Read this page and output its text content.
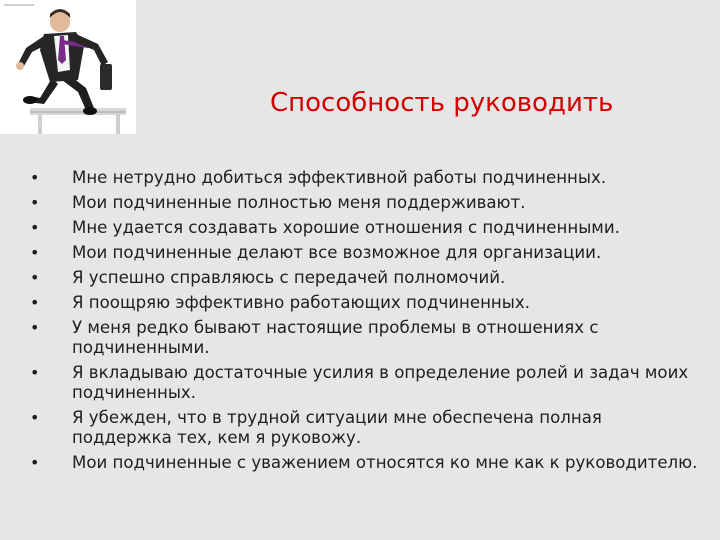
Способность руководить
• Мне нетрудно добиться эффективной работы подчиненных.
• Мои подчиненные полностью меня поддерживают.
• Мне удается создавать хорошие отношения с подчиненными.
• Мои подчиненные делают все возможное для организации.
• Я успешно справляюсь с передачей полномочий.
• Я поощряю эффективно работающих подчиненных.
• У меня редко бывают настоящие проблемы в отношениях с подчиненными.
• Я вкладываю достаточные усилия в определение ролей и задач моих подчиненных.
• Я убежден, что в трудной ситуации мне обеспечена полная поддержка тех, кем я руковожу.
• Мои подчиненные с уважением относятся ко мне как к руководителю.
